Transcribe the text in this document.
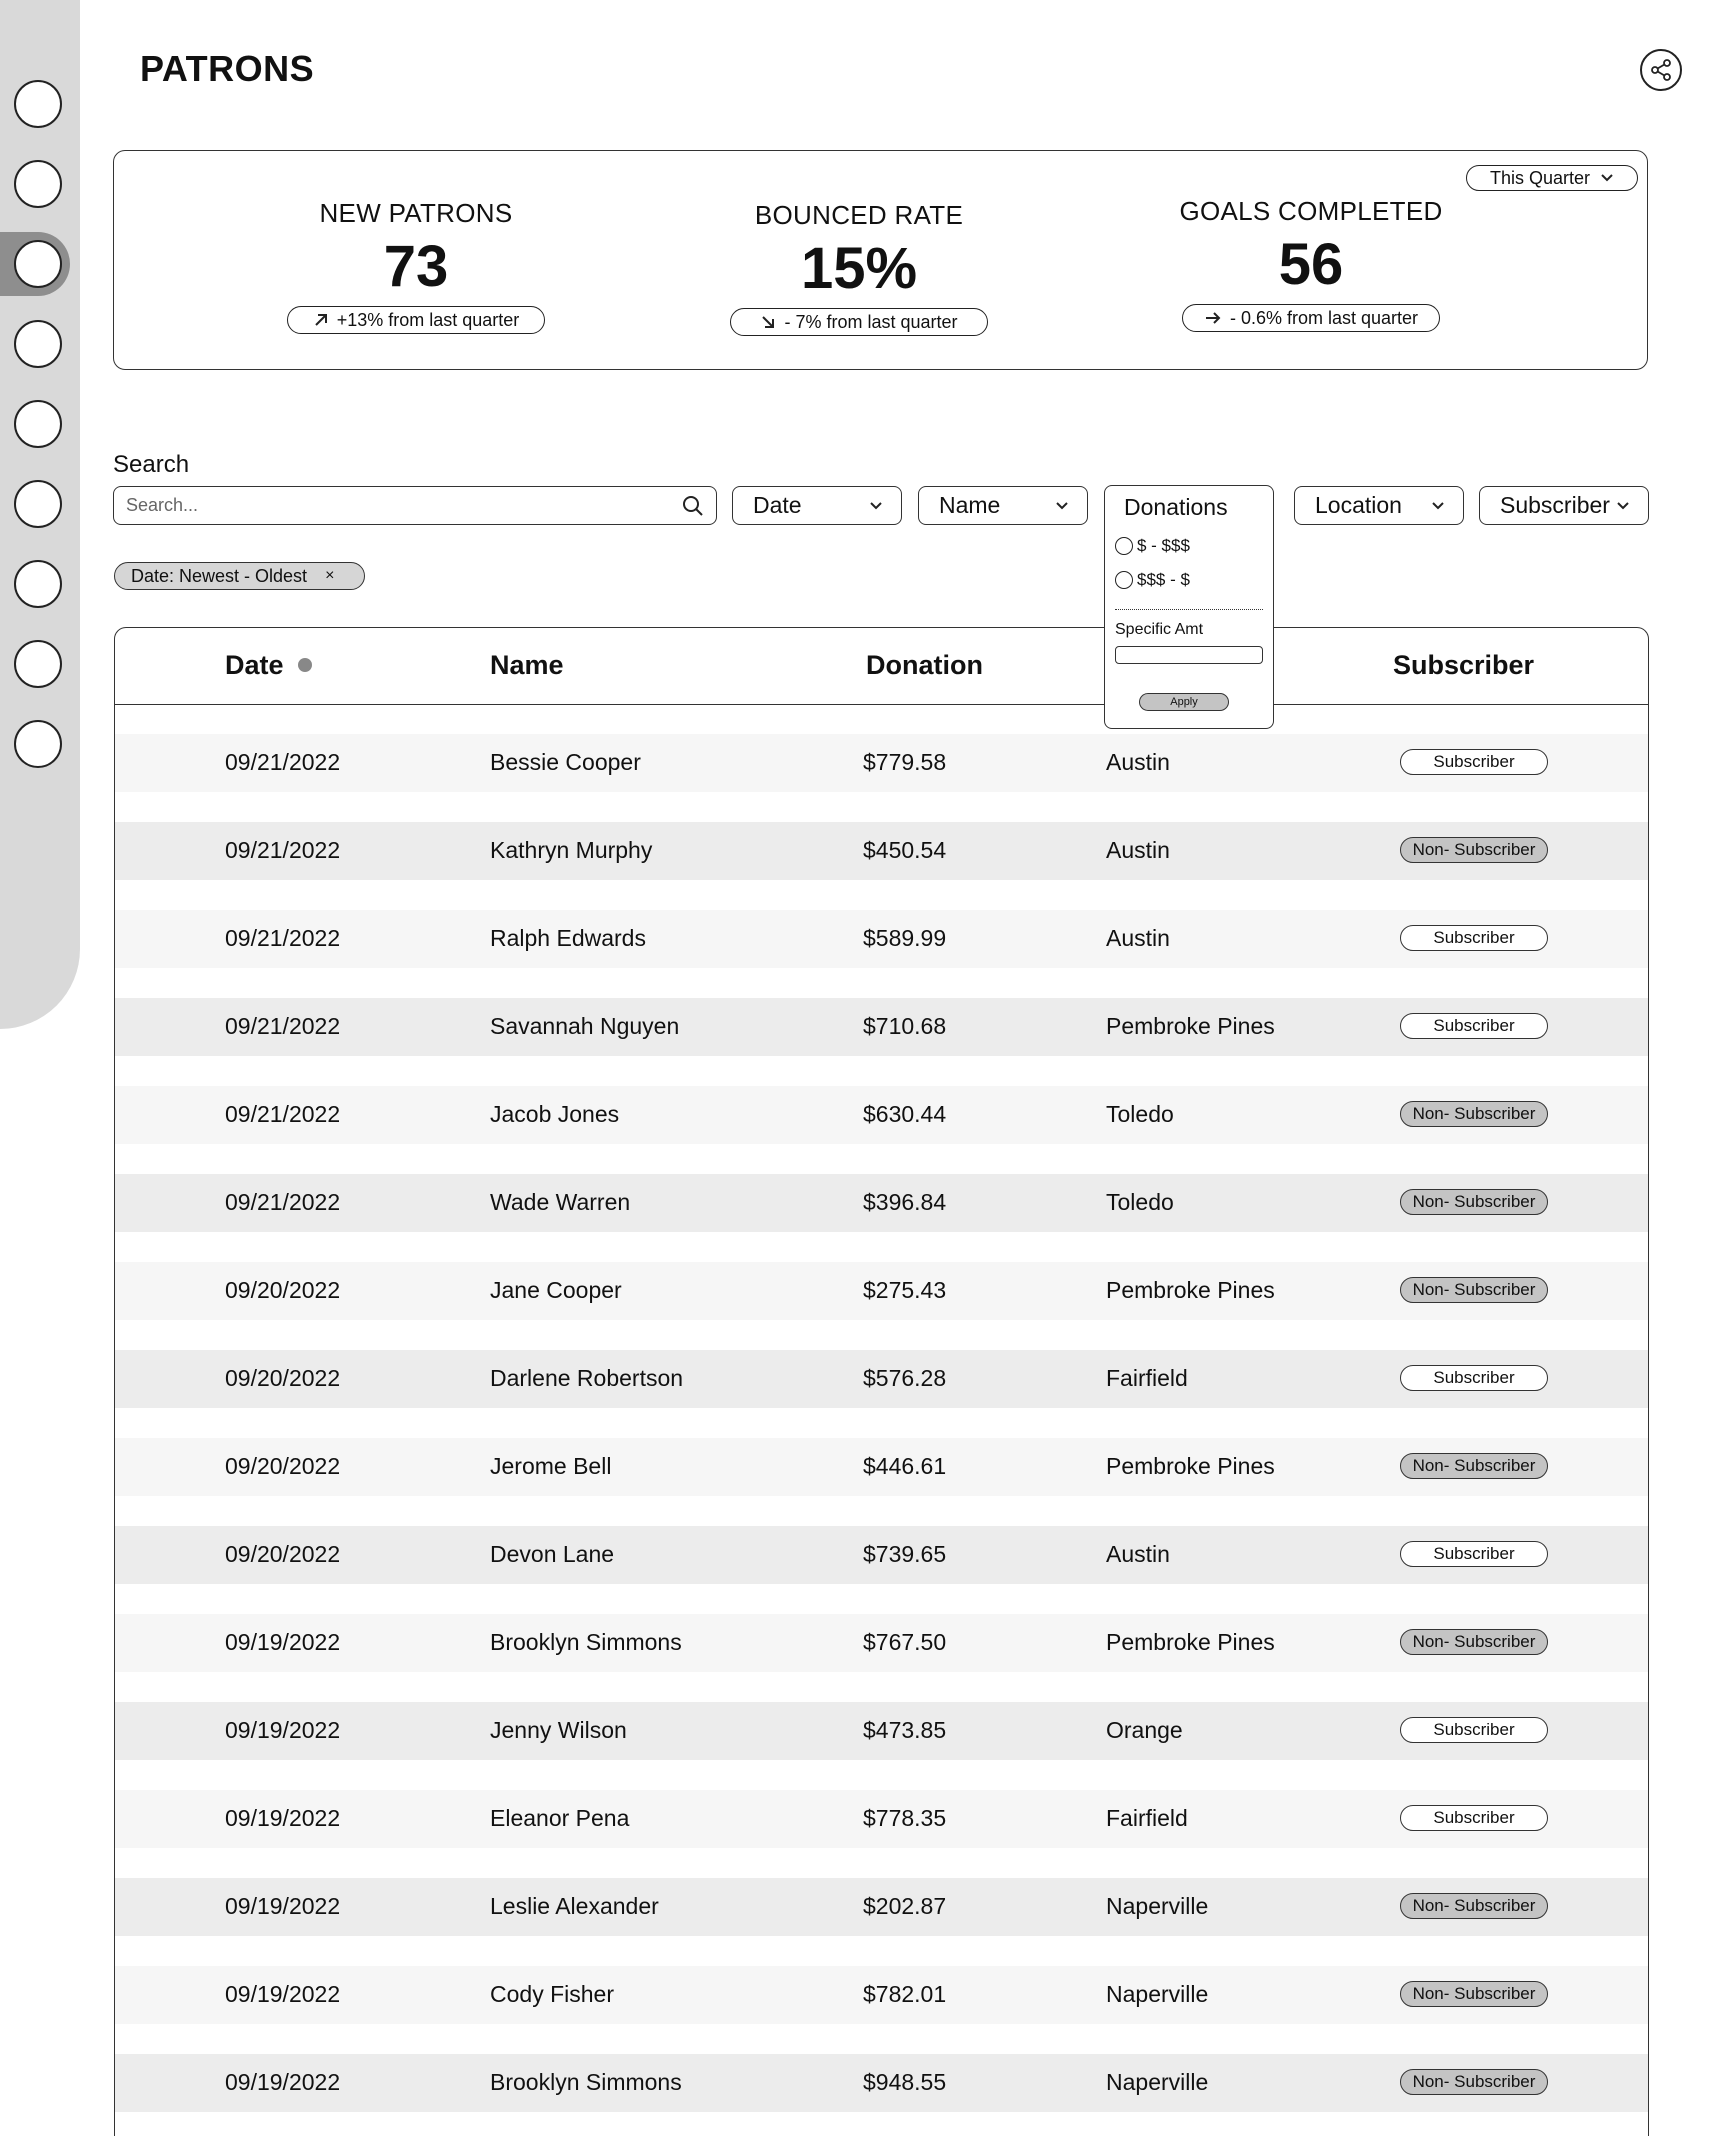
PATRONS
This Quarter
NEW PATRONS
73
+13% from last quarter
BOUNCED RATE
15%
- 7% from last quarter
GOALS COMPLETED
56
- 0.6% from last quarter
Search
Search...
Date	Name	Location	Subscriber
Date: Newest - Oldest ×
Date	Name	Donation	Subscriber
09/21/2022	Bessie Cooper	$779.58	Austin	Subscriber
09/21/2022	Kathryn Murphy	$450.54	Austin	Non- Subscriber
09/21/2022	Ralph Edwards	$589.99	Austin	Subscriber
09/21/2022	Savannah Nguyen	$710.68	Pembroke Pines	Subscriber
09/21/2022	Jacob Jones	$630.44	Toledo	Non- Subscriber
09/21/2022	Wade Warren	$396.84	Toledo	Non- Subscriber
09/20/2022	Jane Cooper	$275.43	Pembroke Pines	Non- Subscriber
09/20/2022	Darlene Robertson	$576.28	Fairfield	Subscriber
09/20/2022	Jerome Bell	$446.61	Pembroke Pines	Non- Subscriber
09/20/2022	Devon Lane	$739.65	Austin	Subscriber
09/19/2022	Brooklyn Simmons	$767.50	Pembroke Pines	Non- Subscriber
09/19/2022	Jenny Wilson	$473.85	Orange	Subscriber
09/19/2022	Eleanor Pena	$778.35	Fairfield	Subscriber
09/19/2022	Leslie Alexander	$202.87	Naperville	Non- Subscriber
09/19/2022	Cody Fisher	$782.01	Naperville	Non- Subscriber
09/19/2022	Brooklyn Simmons	$948.55	Naperville	Non- Subscriber
Donations
$ - $$$
$$$ - $
Specific Amt
Apply
